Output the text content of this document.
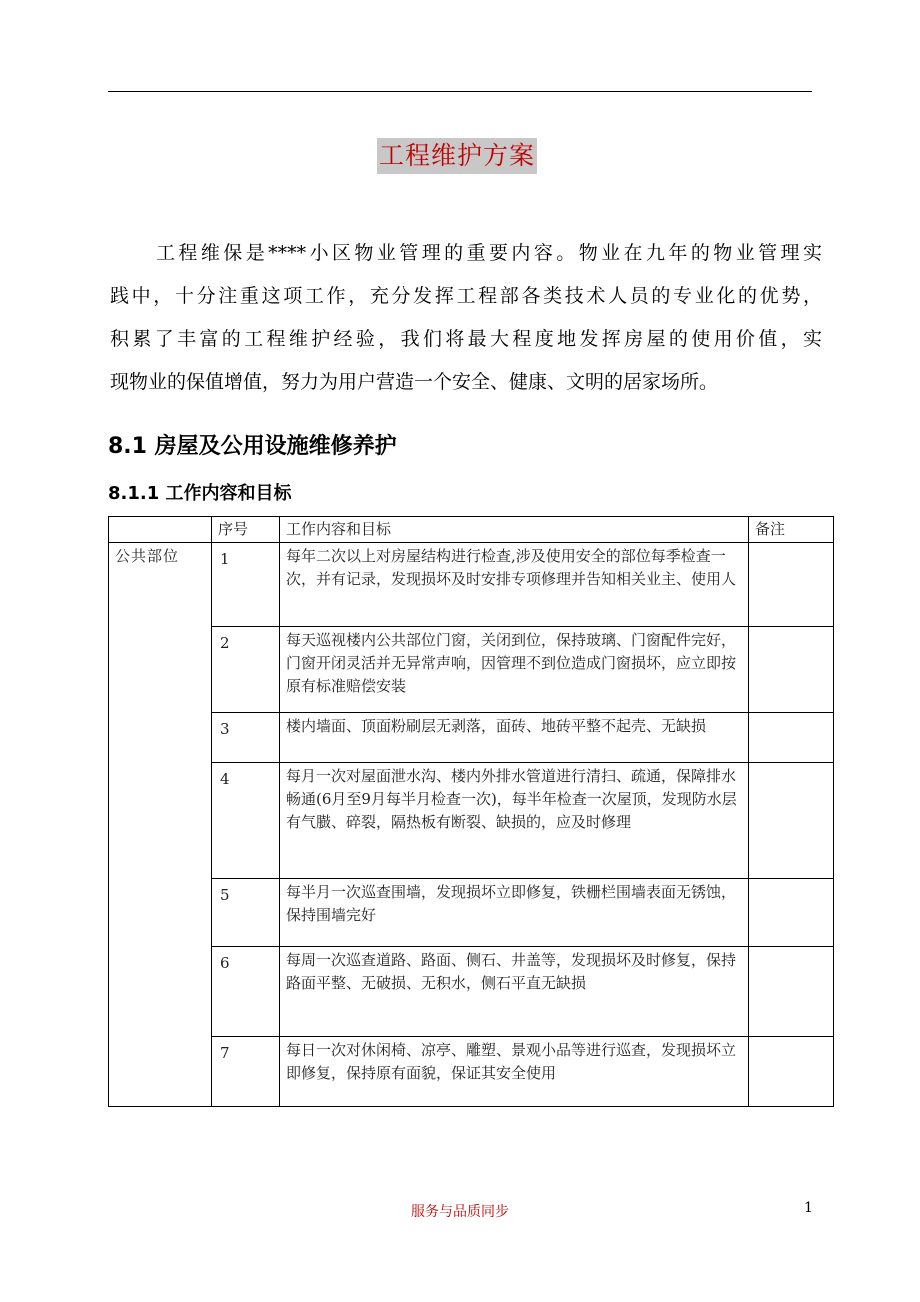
工程维护方案

工程维保是****小区物业管理的重要内容。物业在九年的物业管理实
践中，十分注重这项工作，充分发挥工程部各类技术人员的专业化的优势，
积累了丰富的工程维护经验，我们将最大程度地发挥房屋的使用价值，实
现物业的保值增值，努力为用户营造一个安全、健康、文明的居家场所。

8.1 房屋及公用设施维修养护
8.1.1 工作内容和目标
	序号	工作内容和目标	备注
公共部位	1	每年二次以上对房屋结构进行检查,涉及使用安全的部位每季检查一次，并有记录，发现损坏及时安排专项修理并告知相关业主、使用人	
	2	每天巡视楼内公共部位门窗，关闭到位，保持玻璃、门窗配件完好，门窗开闭灵活并无异常声响，因管理不到位造成门窗损坏，应立即按原有标准赔偿安装	
	3	楼内墙面、顶面粉刷层无剥落，面砖、地砖平整不起壳、无缺损	
	4	每月一次对屋面泄水沟、楼内外排水管道进行清扫、疏通，保障排水畅通(6月至9月每半月检查一次)，每半年检查一次屋顶，发现防水层有气臌、碎裂，隔热板有断裂、缺损的，应及时修理	
	5	每半月一次巡查围墙，发现损坏立即修复，铁栅栏围墙表面无锈蚀，保持围墙完好	
	6	每周一次巡查道路、路面、侧石、井盖等，发现损坏及时修复，保持路面平整、无破损、无积水，侧石平直无缺损	
	7	每日一次对休闲椅、凉亭、雕塑、景观小品等进行巡查，发现损坏立即修复，保持原有面貌，保证其安全使用	
服务与品质同步	1
